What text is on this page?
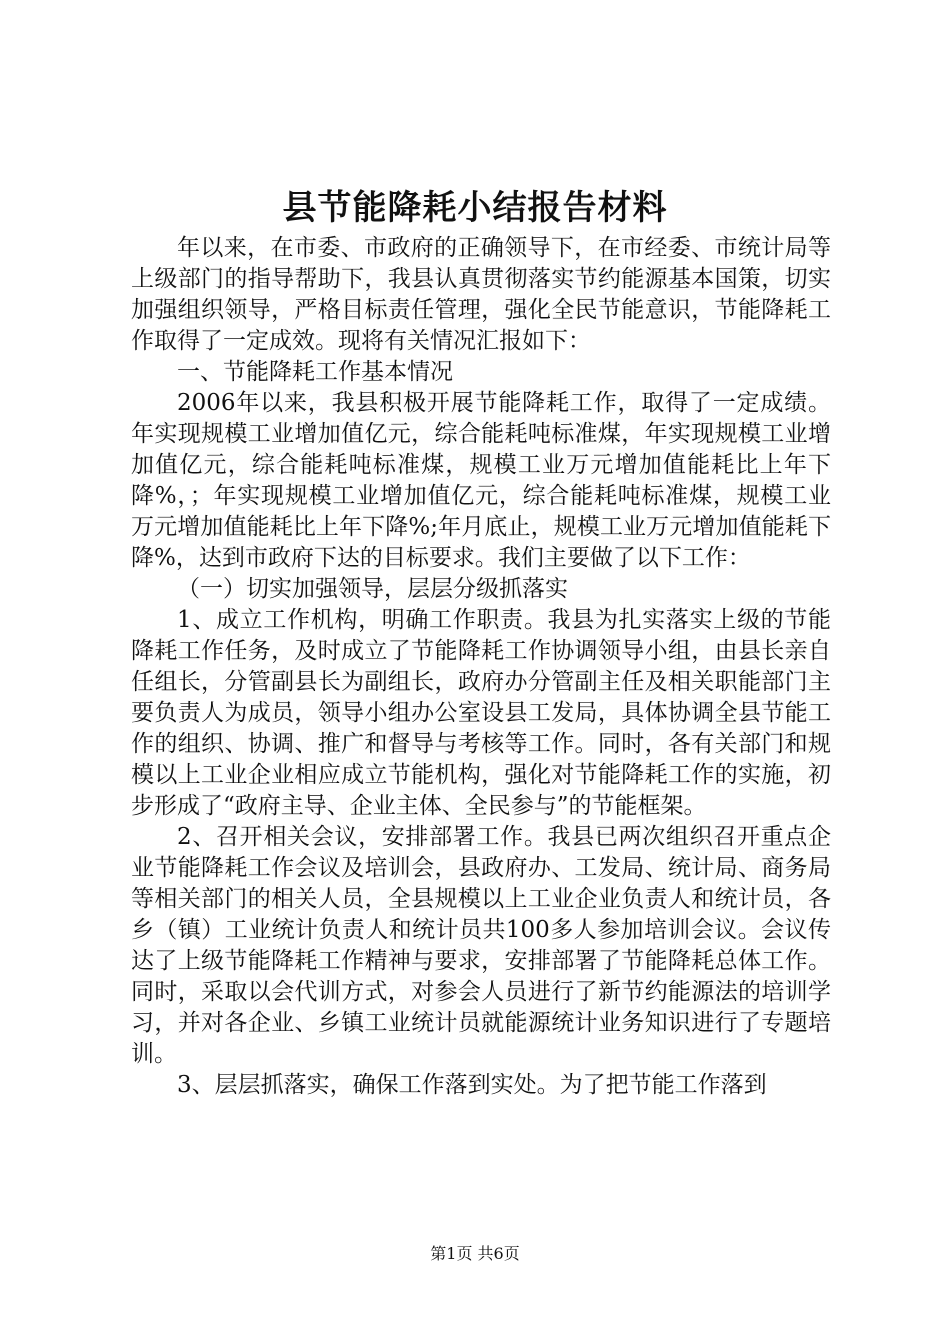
县节能降耗小结报告材料

年以来，在市委、市政府的正确领导下，在市经委、市统计局等上级部门的指导帮助下，我县认真贯彻落实节约能源基本国策，切实加强组织领导，严格目标责任管理，强化全民节能意识，节能降耗工作取得了一定成效。现将有关情况汇报如下：

一、节能降耗工作基本情况

2006年以来，我县积极开展节能降耗工作，取得了一定成绩。年实现规模工业增加值亿元，综合能耗吨标准煤，年实现规模工业增加值亿元，综合能耗吨标准煤，规模工业万元增加值能耗比上年下降%，；年实现规模工业增加值亿元，综合能耗吨标准煤，规模工业万元增加值能耗比上年下降%;年月底止，规模工业万元增加值能耗下降%，达到市政府下达的目标要求。我们主要做了以下工作：

（一）切实加强领导，层层分级抓落实

1、成立工作机构，明确工作职责。我县为扎实落实上级的节能降耗工作任务，及时成立了节能降耗工作协调领导小组，由县长亲自任组长，分管副县长为副组长，政府办分管副主任及相关职能部门主要负责人为成员，领导小组办公室设县工发局，具体协调全县节能工作的组织、协调、推广和督导与考核等工作。同时，各有关部门和规模以上工业企业相应成立节能机构，强化对节能降耗工作的实施，初步形成了“政府主导、企业主体、全民参与”的节能框架。

2、召开相关会议，安排部署工作。我县已两次组织召开重点企业节能降耗工作会议及培训会，县政府办、工发局、统计局、商务局等相关部门的相关人员，全县规模以上工业企业负责人和统计员，各乡（镇）工业统计负责人和统计员共100多人参加培训会议。会议传达了上级节能降耗工作精神与要求，安排部署了节能降耗总体工作。同时，采取以会代训方式，对参会人员进行了新节约能源法的培训学习，并对各企业、乡镇工业统计员就能源统计业务知识进行了专题培训。

3、层层抓落实，确保工作落到实处。为了把节能工作落到

第1页 共6页
